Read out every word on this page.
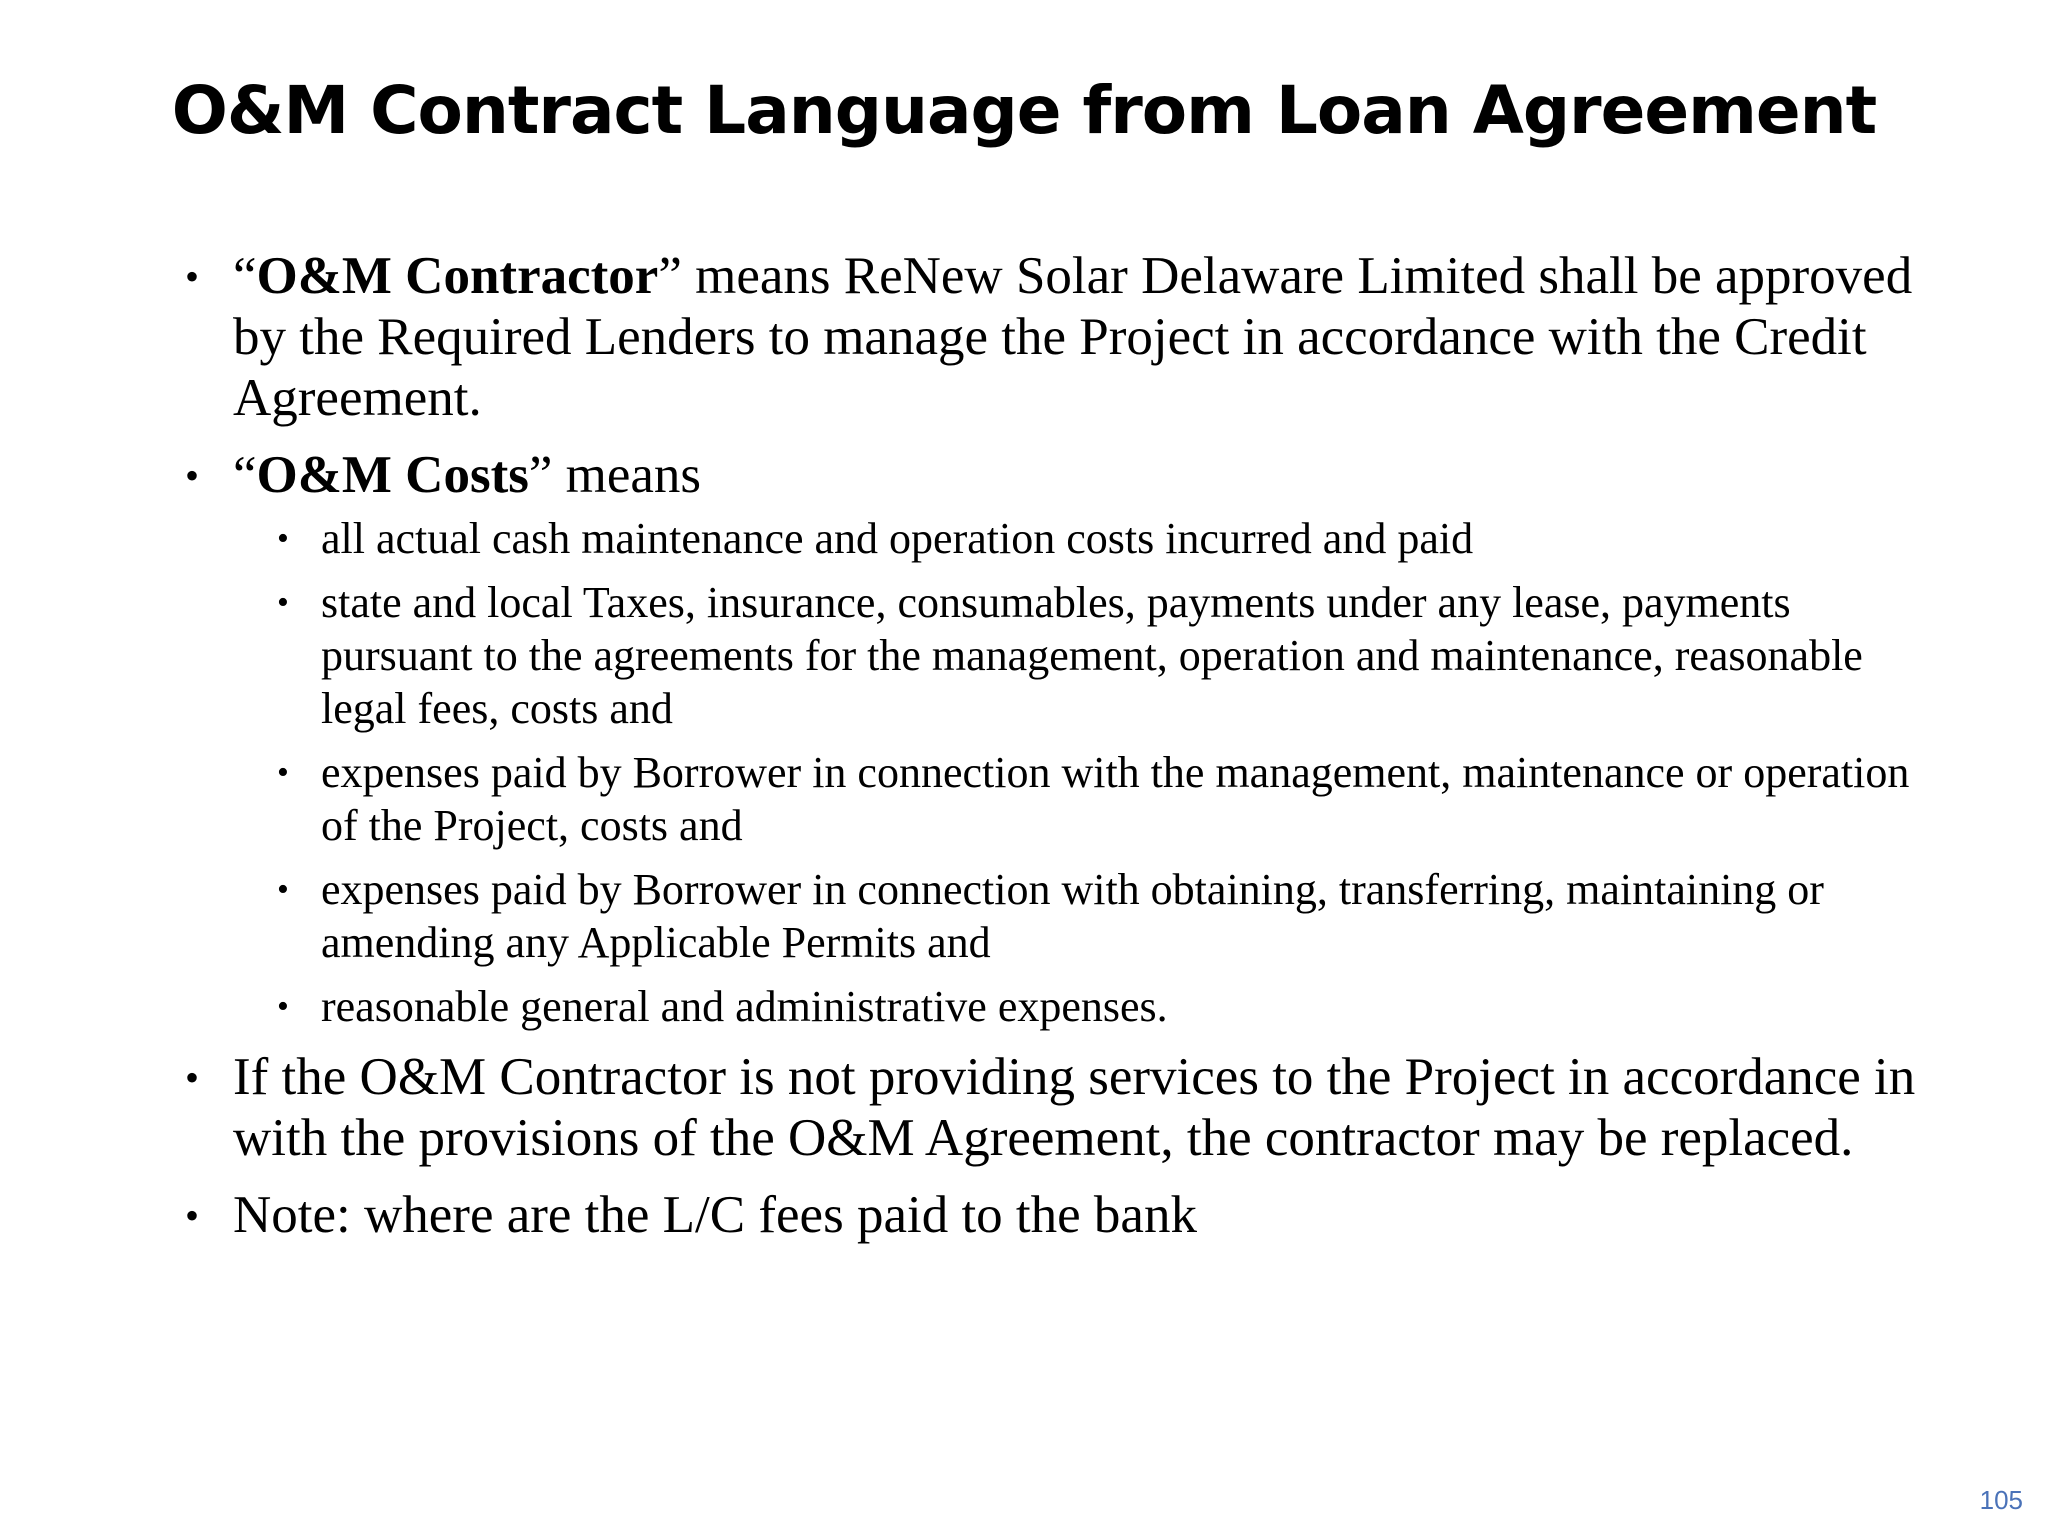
O&M Contract Language from Loan Agreement
• “O&M Contractor” means ReNew Solar Delaware Limited shall be approved by the Required Lenders to manage the Project in accordance with the Credit Agreement.
• “O&M Costs” means
• all actual cash maintenance and operation costs incurred and paid
• state and local Taxes, insurance, consumables, payments under any lease, payments pursuant to the agreements for the management, operation and maintenance, reasonable legal fees, costs and
• expenses paid by Borrower in connection with the management, maintenance or operation of the Project, costs and
• expenses paid by Borrower in connection with obtaining, transferring, maintaining or amending any Applicable Permits and
• reasonable general and administrative expenses.
• If the O&M Contractor is not providing services to the Project in accordance in with the provisions of the O&M Agreement, the contractor may be replaced.
• Note: where are the L/C fees paid to the bank
105
